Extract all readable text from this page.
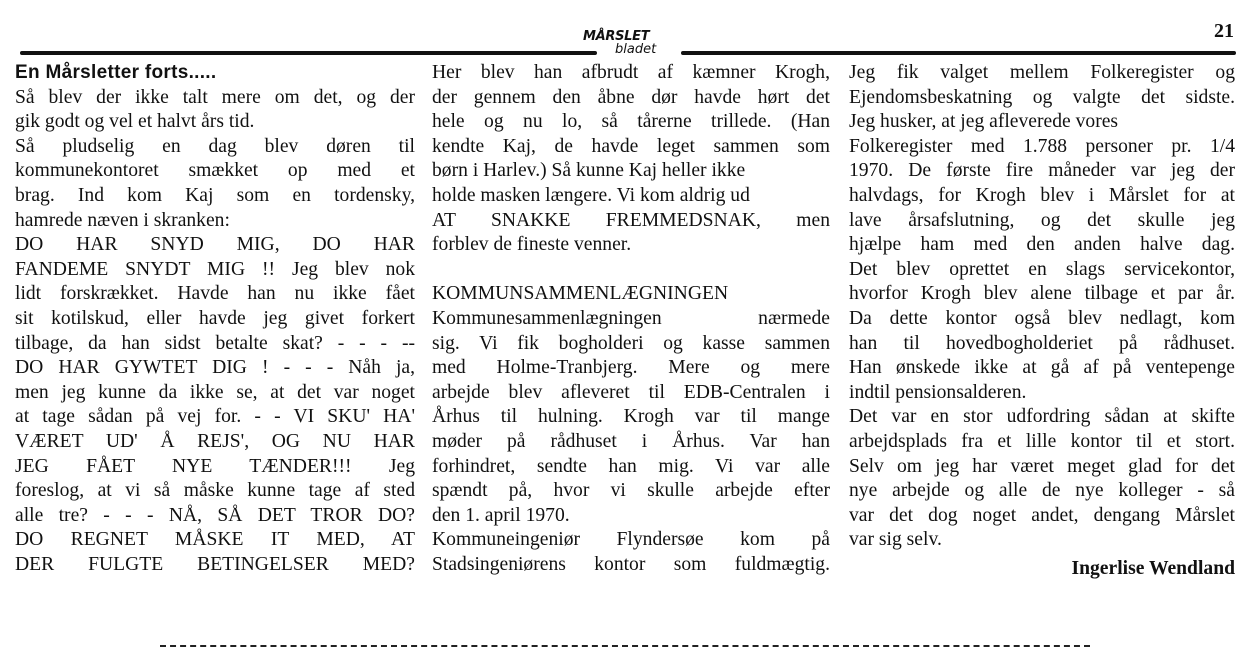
MÅRSLET
bladet
21
En Mårsletter forts.....
Så blev der ikke talt mere om det, og der
gik godt og vel et halvt års tid.
Så pludselig en dag blev døren til
kommunekontoret smækket op med et
brag. Ind kom Kaj som en tordensky,
hamrede næven i skranken:
DO HAR SNYD MIG, DO HAR
FANDEME SNYDT MIG !! Jeg blev nok
lidt forskrækket. Havde han nu ikke fået
sit kotilskud, eller havde jeg givet forkert
tilbage, da han sidst betalte skat? - - - --
DO HAR GYWTET DIG ! - - - Nåh ja,
men jeg kunne da ikke se, at det var noget
at tage sådan på vej for. - - VI SKU' HA'
VÆRET UD' Å REJS', OG NU HAR
JEG FÅET NYE TÆNDER!!! Jeg
foreslog, at vi så måske kunne tage af sted
alle tre? - - - NÅ, SÅ DET TROR DO?
DO REGNET MÅSKE IT MED, AT
DER FULGTE BETINGELSER MED?
Her blev han afbrudt af kæmner Krogh,
der gennem den åbne dør havde hørt det
hele og nu lo, så tårerne trillede. (Han
kendte Kaj, de havde leget sammen som
børn i Harlev.) Så kunne Kaj heller ikke
holde masken længere. Vi kom aldrig ud
AT SNAKKE FREMMEDSNAK, men
forblev de fineste venner.
KOMMUNSAMMENLÆGNINGEN
Kommunesammenlægningen nærmede
sig. Vi fik bogholderi og kasse sammen
med Holme-Tranbjerg. Mere og mere
arbejde blev afleveret til EDB-Centralen i
Århus til hulning. Krogh var til mange
møder på rådhuset i Århus. Var han
forhindret, sendte han mig. Vi var alle
spændt på, hvor vi skulle arbejde efter
den 1. april 1970.
Kommuneingeniør Flyndersøe kom på
Stadsingeniørens kontor som fuldmægtig.
Jeg fik valget mellem Folkeregister og
Ejendomsbeskatning og valgte det sidste.
Jeg husker, at jeg afleverede vores
Folkeregister med 1.788 personer pr. 1/4
1970. De første fire måneder var jeg der
halvdags, for Krogh blev i Mårslet for at
lave årsafslutning, og det skulle jeg
hjælpe ham med den anden halve dag.
Det blev oprettet en slags servicekontor,
hvorfor Krogh blev alene tilbage et par år.
Da dette kontor også blev nedlagt, kom
han til hovedbogholderiet på rådhuset.
Han ønskede ikke at gå af på ventepenge
indtil pensionsalderen.
Det var en stor udfordring sådan at skifte
arbejdsplads fra et lille kontor til et stort.
Selv om jeg har været meget glad for det
nye arbejde og alle de nye kolleger - så
var det dog noget andet, dengang Mårslet
var sig selv.
Ingerlise Wendland
